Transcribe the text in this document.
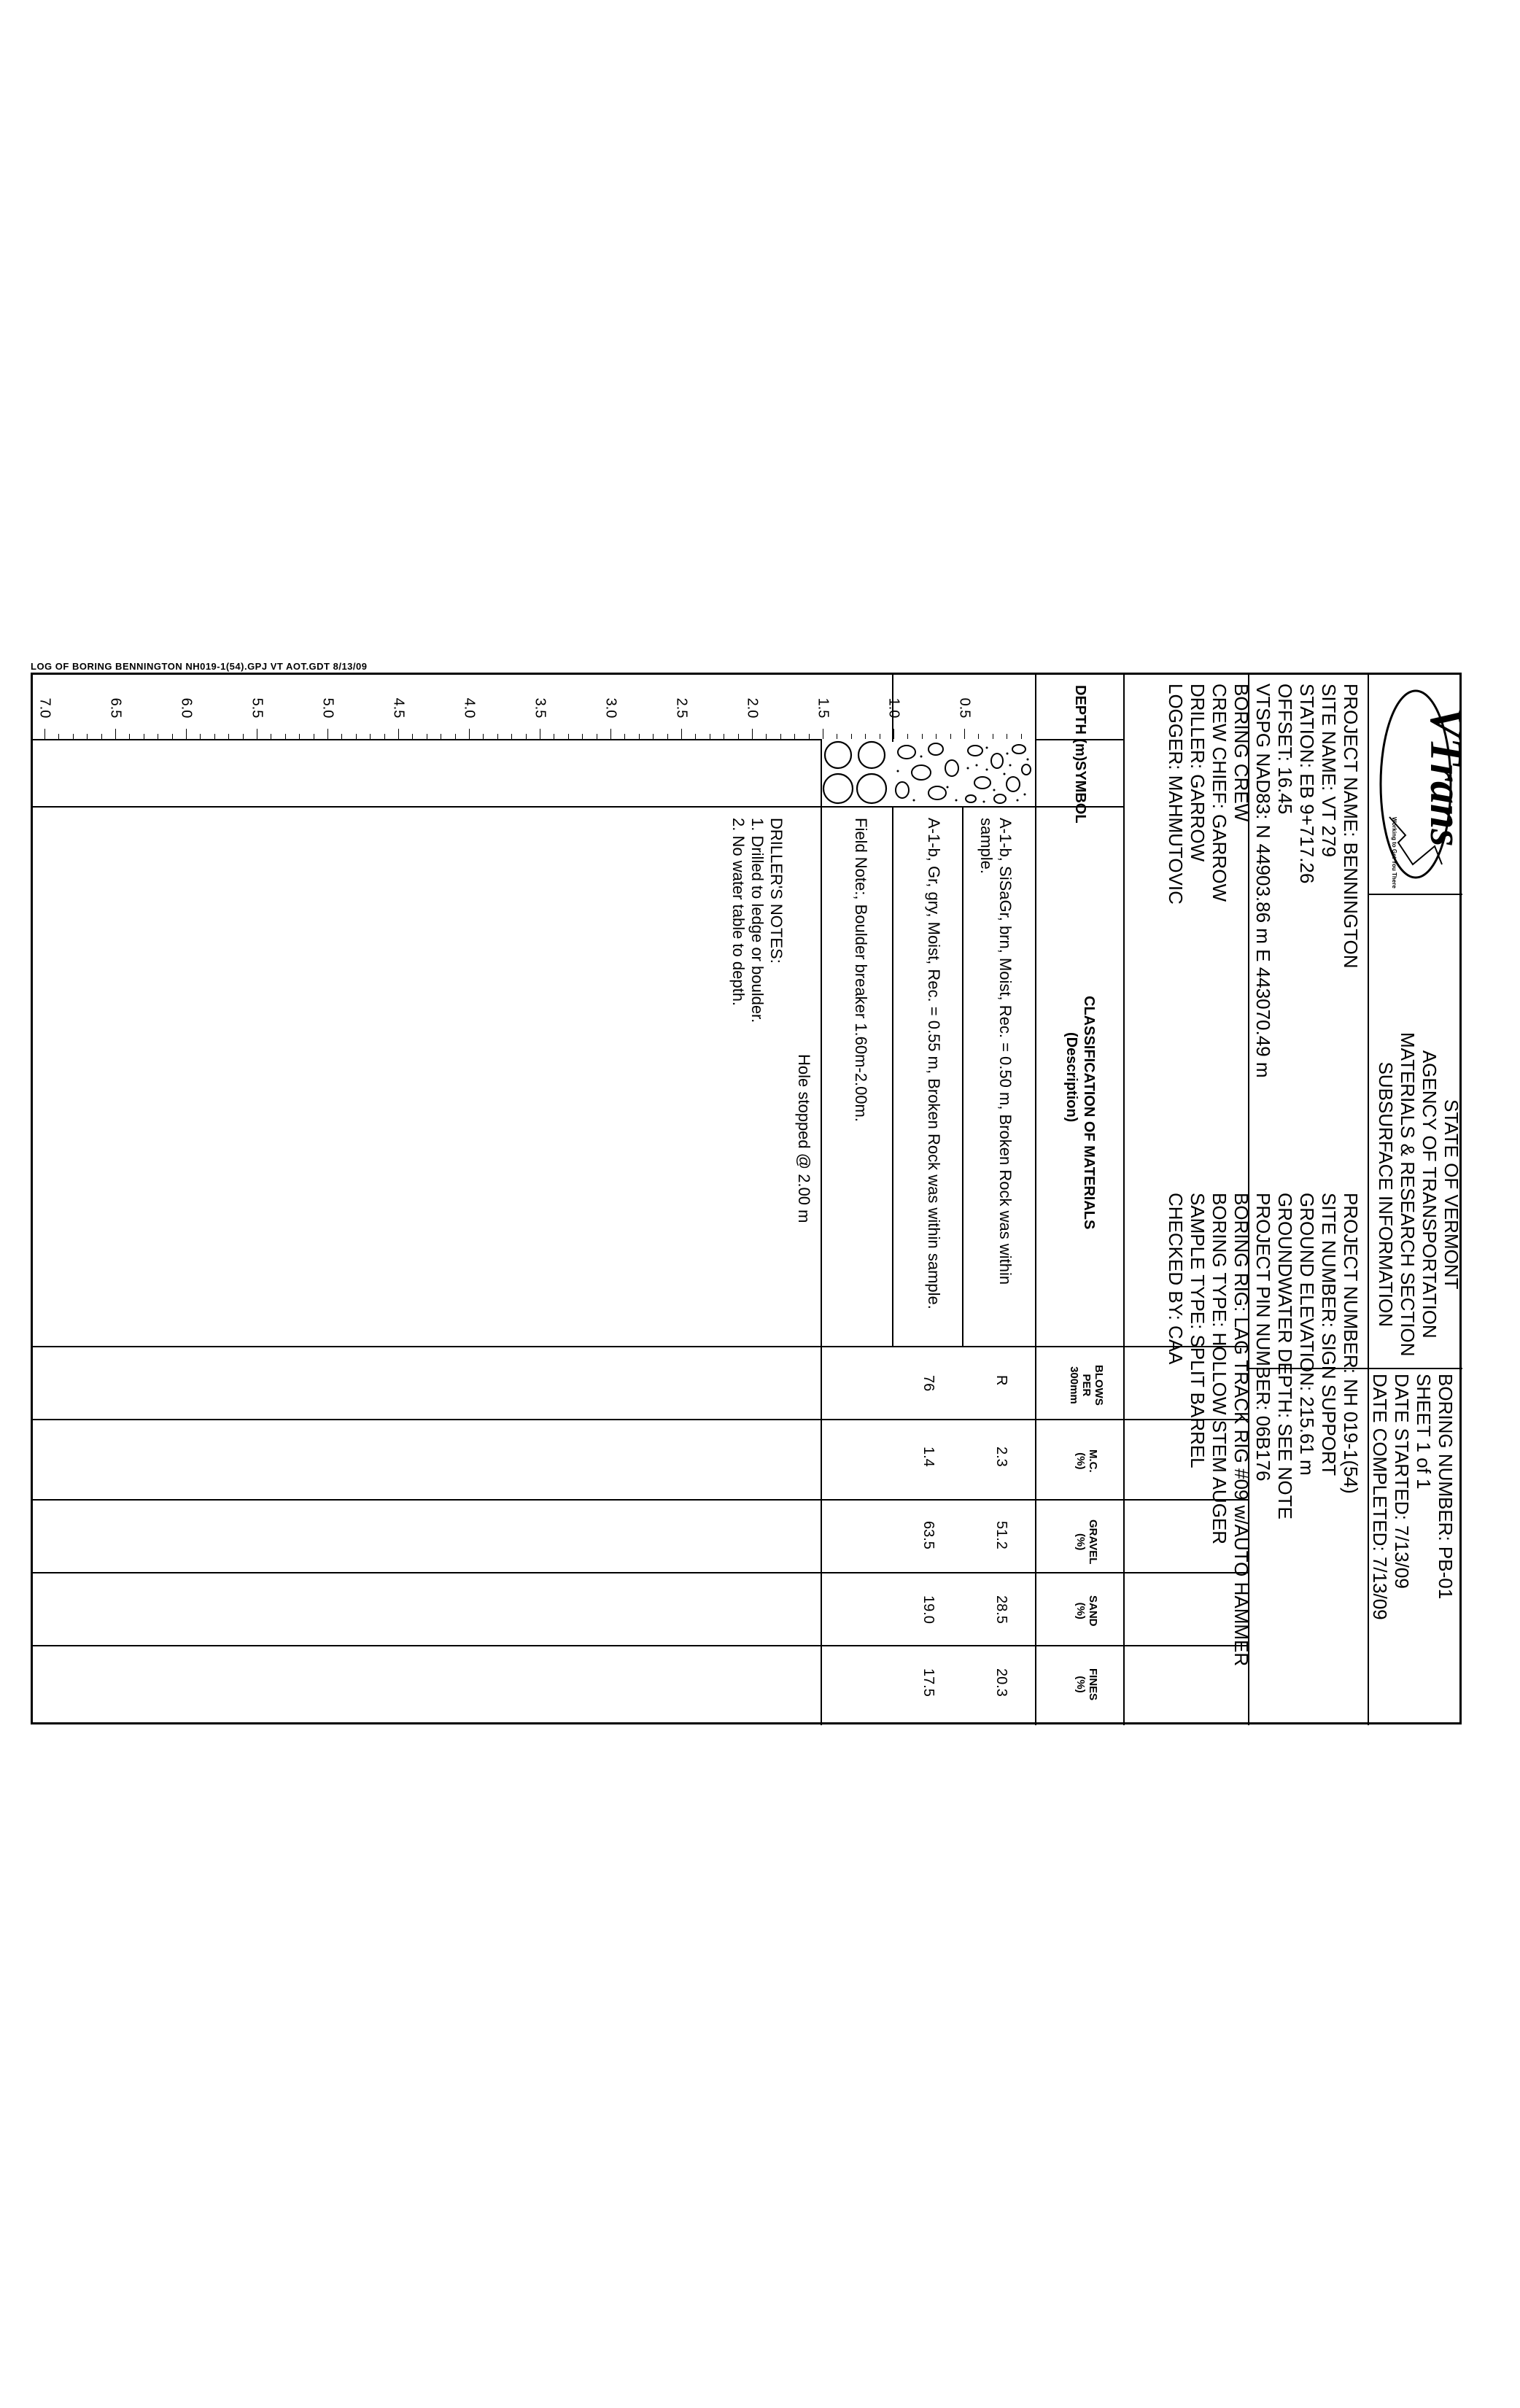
LOG OF BORING BENNINGTON NH019-1(54).GPJ VT AOT.GDT 8/13/09
VTrans
Working to Get You There
STATE OF VERMONT
AGENCY OF TRANSPORTATION
MATERIALS & RESEARCH SECTION
SUBSURFACE INFORMATION
BORING NUMBER: PB-01
SHEET 1 of 1
DATE STARTED: 7/13/09
DATE COMPLETED: 7/13/09
PROJECT NAME: BENNINGTON
SITE NAME: VT 279
STATION: EB 9+717.26
OFFSET: 16.45
VTSPG NAD83: N 44903.86 m E 443070.49 m
BORING CREW
CREW CHIEF: GARROW
DRILLER: GARROW
LOGGER: MAHMUTOVIC
PROJECT NUMBER: NH 019-1(54)
SITE NUMBER: SIGN SUPPORT
GROUND ELEVATION: 215.61 m
GROUNDWATER DEPTH: SEE NOTE
PROJECT PIN NUMBER: 06B176
BORING RIG: LAG TRACK RIG #09 w/AUTO HAMMER
BORING TYPE: HOLLOW STEM AUGER
SAMPLE TYPE: SPLIT BARREL
CHECKED BY: CAA
DEPTH (m)
SYMBOL
CLASSIFICATION OF MATERIALS
(Description)
BLOWS
PER
300mm
M.C.
(%)
GRAVEL
(%)
SAND
(%)
FINES
(%)
A-1-b, SiSaGr, brn, Moist, Rec. = 0.50 m, Broken Rock was within
sample.
A-1-b, Gr, gry, Moist, Rec. = 0.55 m, Broken Rock was within sample.
Field Note:, Boulder breaker 1.60m-2.00m.
Hole stopped @ 2.00 m
DRILLER'S NOTES:
1. Drilled to ledge or boulder.
2. No water table to depth.
R
2.3
51.2
28.5
20.3
76
1.4
63.5
19.0
17.5
0.5
1.0
1.5
2.0
2.5
3.0
3.5
4.0
4.5
5.0
5.5
6.0
6.5
7.0
